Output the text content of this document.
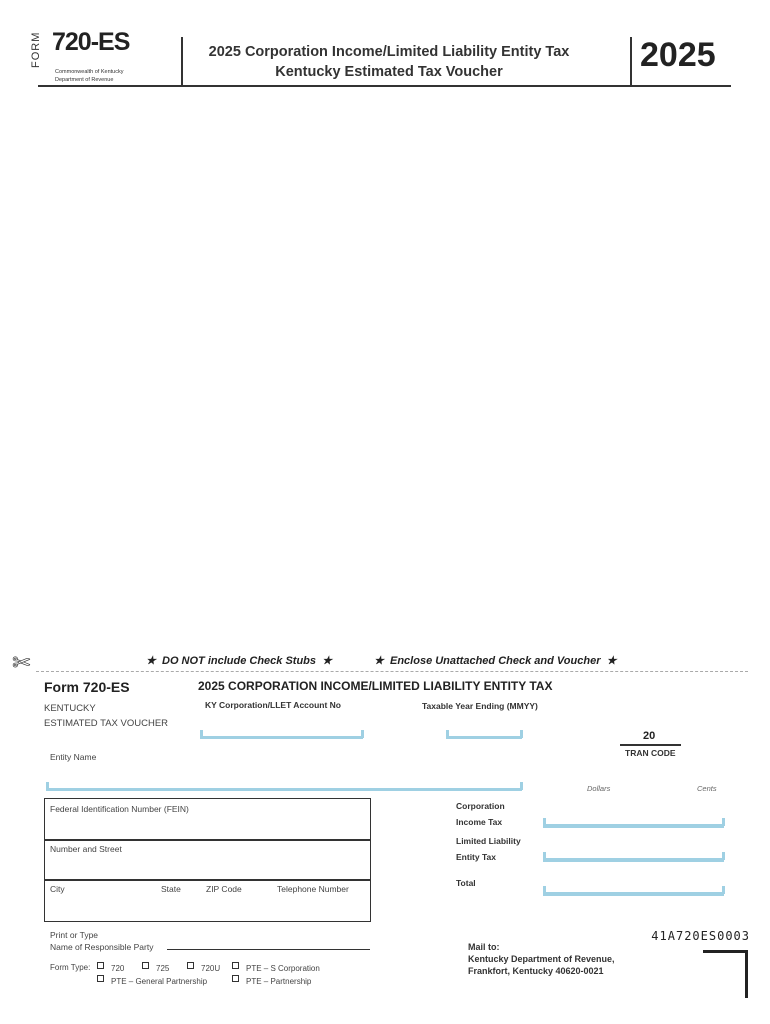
FORM 720-ES
Commonwealth of Kentucky
Department of Revenue
2025 Corporation Income/Limited Liability Entity Tax
Kentucky Estimated Tax Voucher	2025
✄	★ DO NOT include Check Stubs ★	★ Enclose Unattached Check and Voucher ★
Form 720-ES	2025 CORPORATION INCOME/LIMITED LIABILITY ENTITY TAX
KENTUCKY
ESTIMATED TAX VOUCHER
KY Corporation/LLET Account No	Taxable Year Ending (MMYY)
20
TRAN CODE
Entity Name
Dollars	Cents
Federal Identification Number (FEIN)
Number and Street
City	State	ZIP Code	Telephone Number
Corporation
Income Tax
Limited Liability
Entity Tax
Total
Print or Type
Name of Responsible Party
Form Type:	720	725	720U	PTE – S Corporation
PTE – General Partnership	PTE – Partnership
Mail to:
Kentucky Department of Revenue,
Frankfort, Kentucky 40620-0021
41A720ES0003
